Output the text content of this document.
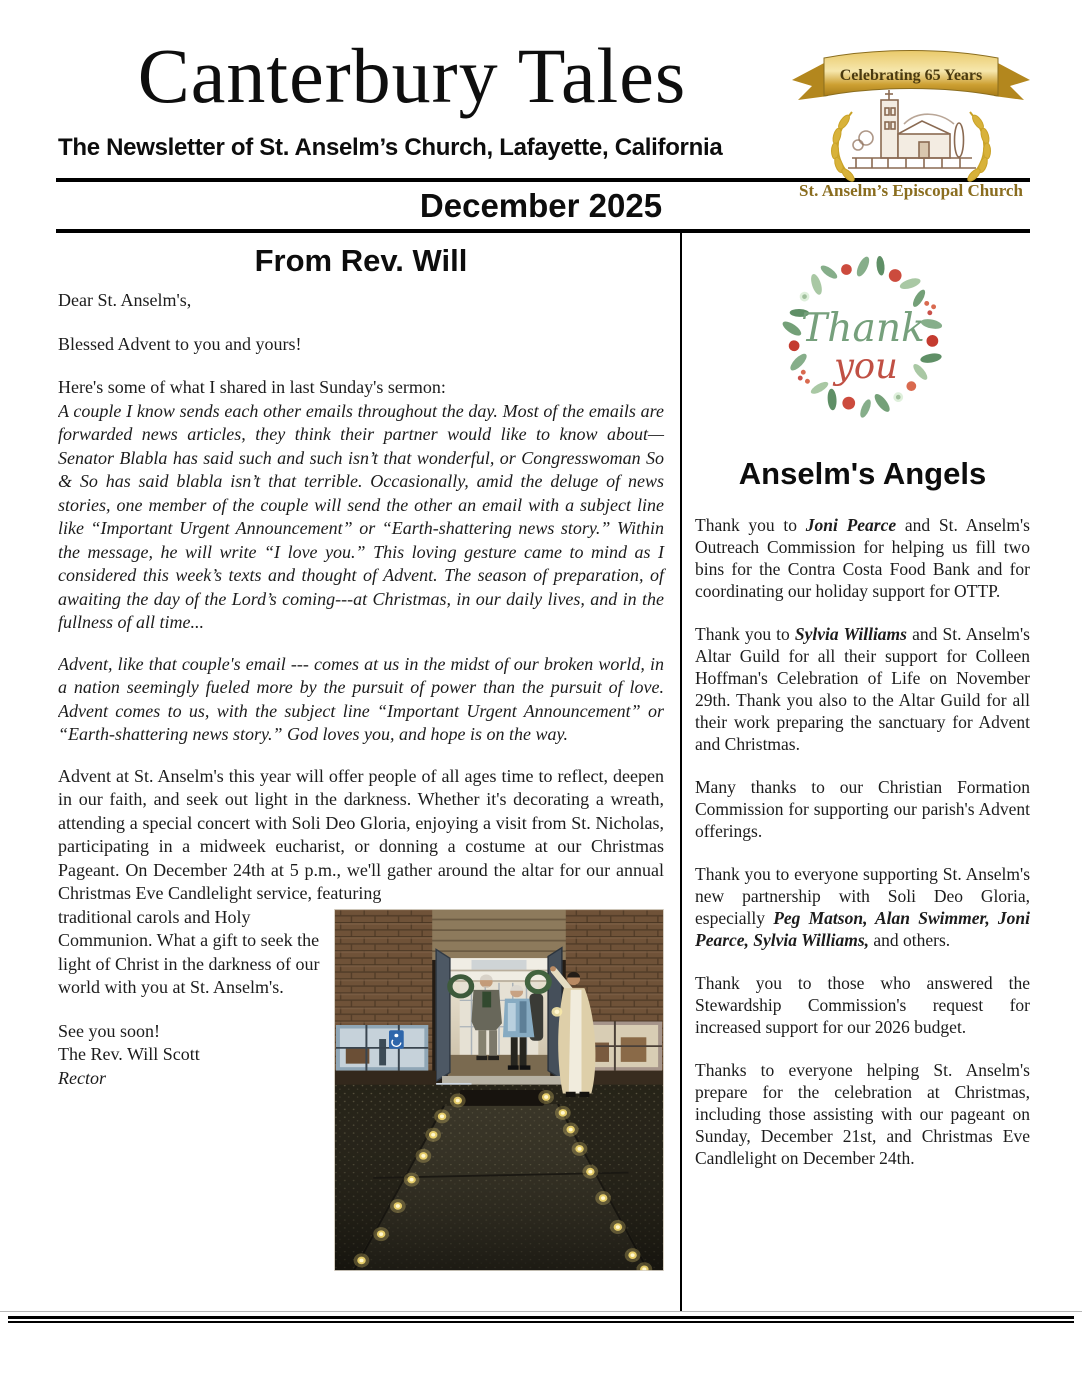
Canterbury Tales	Celebrating 65 Years
St. Anselm’s Episcopal Church
The Newsletter of St. Anselm’s Church, Lafayette, California
December 2025
From Rev. Will

Dear St. Anselm's,

Blessed Advent to you and yours!

Here's some of what I shared in last Sunday's sermon:

A couple I know sends each other emails throughout the day. Most of the emails are forwarded news articles, they think their partner would like to know about—Senator Blabla has said such and such isn’t that wonderful, or Congresswoman So & So has said blabla isn’t that terrible. Occasionally, amid the deluge of news stories, one member of the couple will send the other an email with a subject line like “Important Urgent Announcement” or “Earth-shattering news story.” Within the message, he will write “I love you.” This loving gesture came to mind as I considered this week’s texts and thought of Advent. The season of preparation, of awaiting the day of the Lord’s coming---at Christmas, in our daily lives, and in the fullness of all time...

Advent, like that couple's email --- comes at us in the midst of our broken world, in a nation seemingly fueled more by the pursuit of power than the pursuit of love. Advent comes to us, with the subject line “Important Urgent Announcement” or “Earth-shattering news story.” God loves you, and hope is on the way.

Advent at St. Anselm's this year will offer people of all ages time to reflect, deepen in our faith, and seek out light in the darkness. Whether it's decorating a wreath, attending a special concert with Soli Deo Gloria, enjoying a visit from St. Nicholas, participating in a midweek eucharist, or donning a costume at our Christmas Pageant. On December 24th at 5 p.m., we'll gather around the altar for our annual Christmas Eve Candlelight service, featuring

traditional carols and Holy Communion. What a gift to seek the light of Christ in the darkness of our world with you at St. Anselm's.

See you soon!

The Rev. Will Scott

Rector

Thank
you
Anselm's Angels

Thank you to Joni Pearce and St. Anselm's Outreach Commission for helping us fill two bins for the Contra Costa Food Bank and for coordinating our holiday support for OTTP.

Thank you to Sylvia Williams and St. Anselm's Altar Guild for all their support for Colleen Hoffman's Celebration of Life on November 29th. Thank you also to the Altar Guild for all their work preparing the sanctuary for Advent and Christmas.

Many thanks to our Christian Formation Commission for supporting our parish's Advent offerings.

Thank you to everyone supporting St. Anselm's new partnership with Soli Deo Gloria, especially Peg Matson, Alan Swimmer, Joni Pearce, Sylvia Williams, and others.

Thank you to those who answered the Stewardship Commission's request for increased support for our 2026 budget.

Thanks to everyone helping St. Anselm's prepare for the celebration at Christmas, including those assisting with our pageant on Sunday, December 21st, and Christmas Eve Candlelight on December 24th.
